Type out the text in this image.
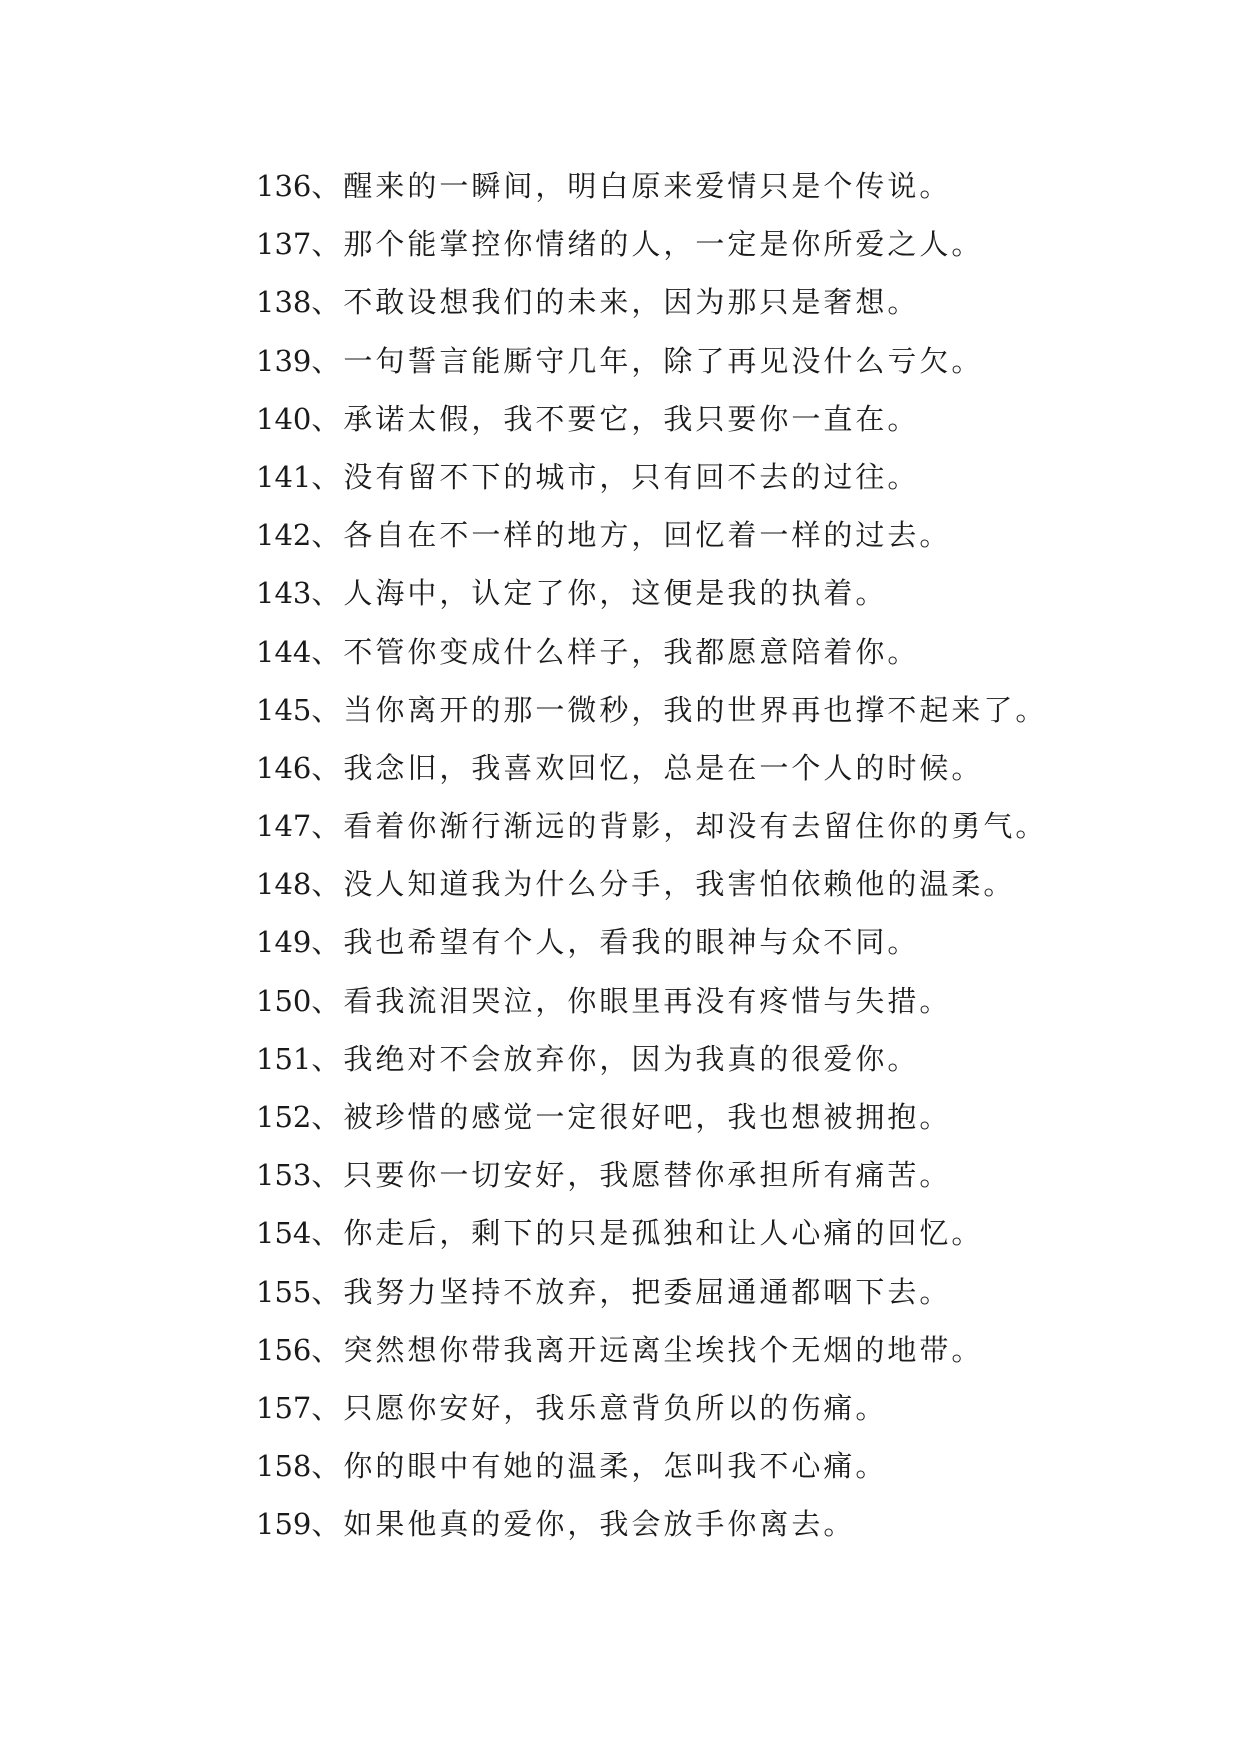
136、醒来的一瞬间，明白原来爱情只是个传说。
137、那个能掌控你情绪的人，一定是你所爱之人。
138、不敢设想我们的未来，因为那只是奢想。
139、一句誓言能厮守几年，除了再见没什么亏欠。
140、承诺太假，我不要它，我只要你一直在。
141、没有留不下的城市，只有回不去的过往。
142、各自在不一样的地方，回忆着一样的过去。
143、人海中，认定了你，这便是我的执着。
144、不管你变成什么样子，我都愿意陪着你。
145、当你离开的那一微秒，我的世界再也撑不起来了。
146、我念旧，我喜欢回忆，总是在一个人的时候。
147、看着你渐行渐远的背影，却没有去留住你的勇气。
148、没人知道我为什么分手，我害怕依赖他的温柔。
149、我也希望有个人，看我的眼神与众不同。
150、看我流泪哭泣，你眼里再没有疼惜与失措。
151、我绝对不会放弃你，因为我真的很爱你。
152、被珍惜的感觉一定很好吧，我也想被拥抱。
153、只要你一切安好，我愿替你承担所有痛苦。
154、你走后，剩下的只是孤独和让人心痛的回忆。
155、我努力坚持不放弃，把委屈通通都咽下去。
156、突然想你带我离开远离尘埃找个无烟的地带。
157、只愿你安好，我乐意背负所以的伤痛。
158、你的眼中有她的温柔，怎叫我不心痛。
159、如果他真的爱你，我会放手你离去。
